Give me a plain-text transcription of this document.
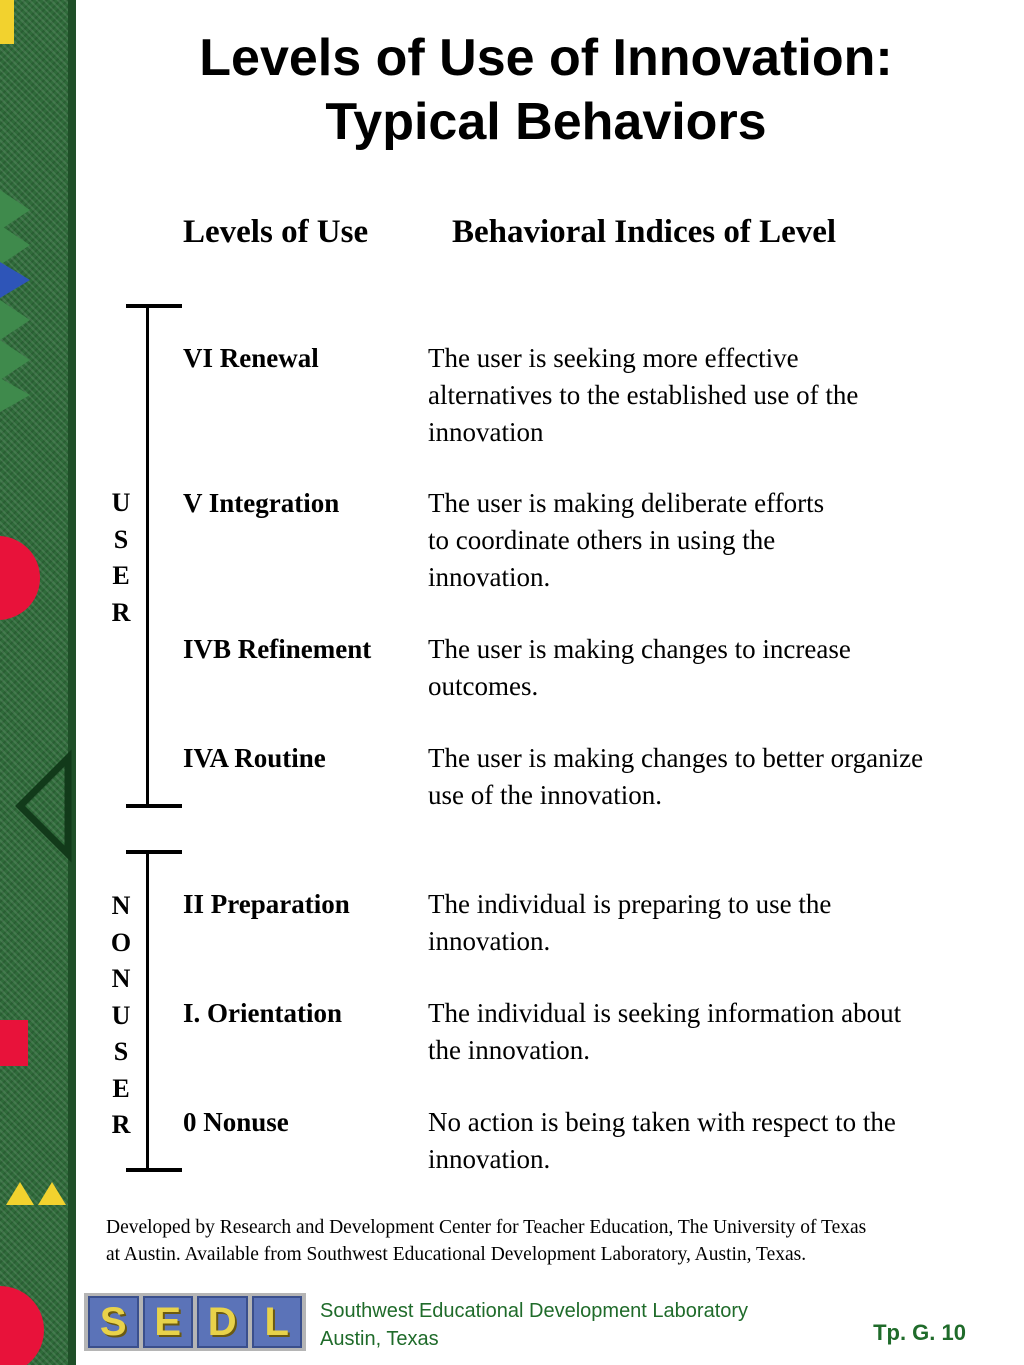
Levels of Use of Innovation:
Typical Behaviors
Levels of Use	Behavioral Indices of Level
U
S
E
R
VI Renewal	The user is seeking more effective
alternatives to the established use of the
innovation
V Integration	The user is making deliberate efforts
to coordinate others in using the
innovation.
IVB Refinement The user is making changes to increase
outcomes.
IVA Routine	The user is making changes to better organize
use of the innovation.
N
O
N
U
S
E
R
II Preparation	The individual is preparing to use the
innovation.
I. Orientation	The individual is seeking information about
the innovation.
0 Nonuse	No action is being taken with respect to the
innovation.
Developed by Research and Development Center for Teacher Education, The University of Texas
at Austin. Available from Southwest Educational Development Laboratory, Austin, Texas.
S E D L	Southwest Educational Development Laboratory
Austin, Texas	Tp. G. 10
